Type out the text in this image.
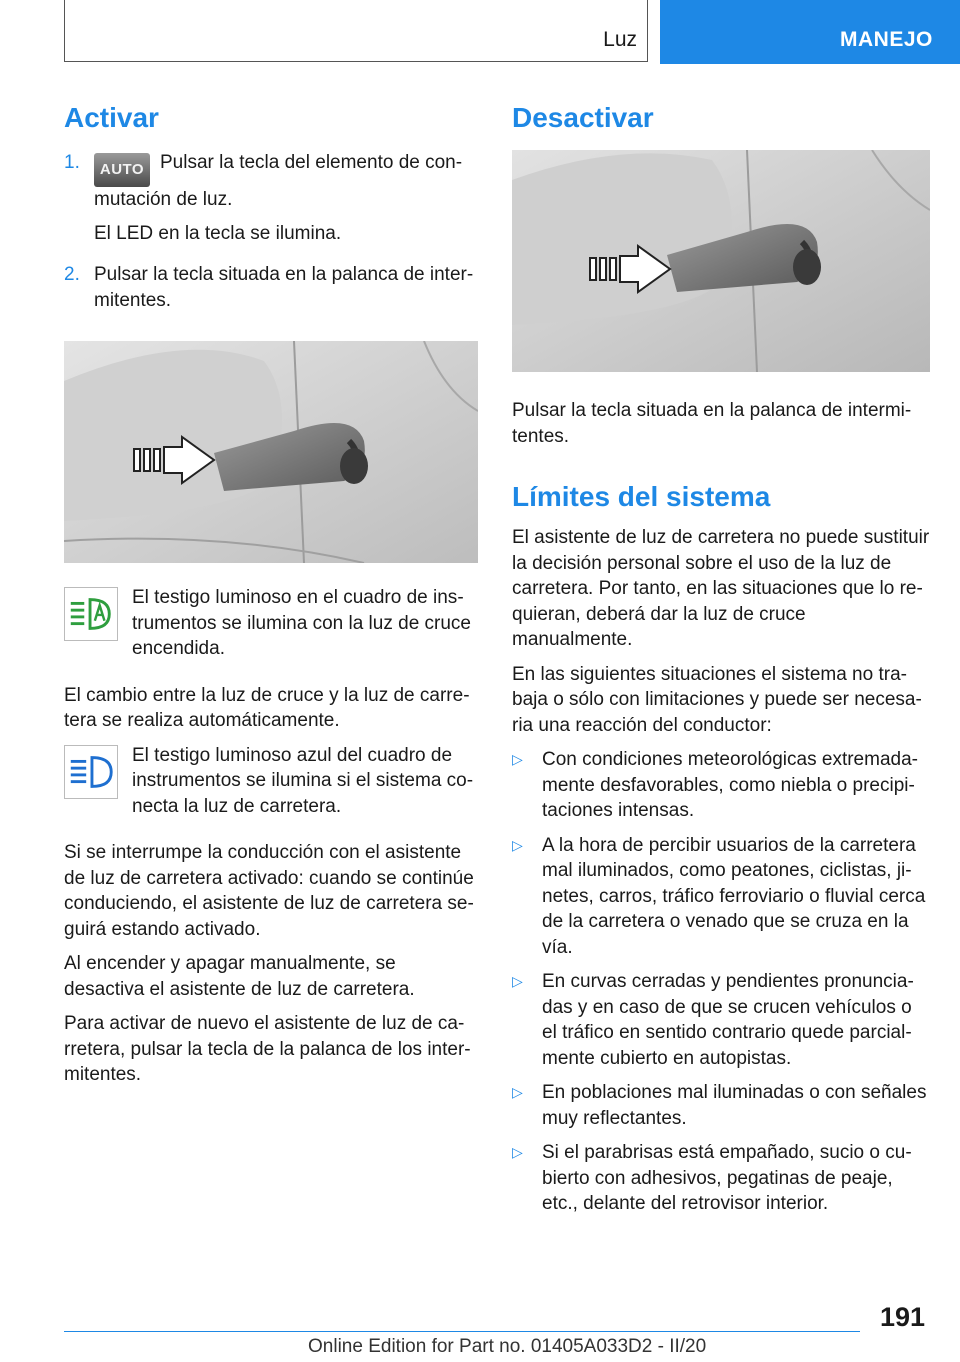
Luz	MANEJO
Activar
1.	AUTO Pulsar la tecla del elemento de conmutación de luz.

El LED en la tecla se ilumina.

2. Pulsar la tecla situada en la palanca de intermitentes.

El testigo luminoso en el cuadro de instrumentos se ilumina con la luz de cruce encendida.

El cambio entre la luz de cruce y la luz de carretera se realiza automáticamente.

El testigo luminoso azul del cuadro de instrumentos se ilumina si el sistema conecta la luz de carretera.

Si se interrumpe la conducción con el asistente de luz de carretera activado: cuando se continúe conduciendo, el asistente de luz de carretera seguirá estando activado.

Al encender y apagar manualmente, se desactiva el asistente de luz de carretera.

Para activar de nuevo el asistente de luz de carretera, pulsar la tecla de la palanca de los intermitentes.

Desactivar

Pulsar la tecla situada en la palanca de intermitentes.

Límites del sistema

El asistente de luz de carretera no puede sustituir la decisión personal sobre el uso de la luz de carretera. Por tanto, en las situaciones que lo requieran, deberá dar la luz de cruce manualmente.

En las siguientes situaciones el sistema no trabaja o sólo con limitaciones y puede ser necesaria una reacción del conductor:

▷	Con condiciones meteorológicas extremadamente desfavorables, como niebla o precipitaciones intensas.
▷	A la hora de percibir usuarios de la carretera mal iluminados, como peatones, ciclistas, jinetes, carros, tráfico ferroviario o fluvial cerca de la carretera o venado que se cruza en la vía.
▷	En curvas cerradas y pendientes pronunciadas y en caso de que se crucen vehículos o el tráfico en sentido contrario quede parcialmente cubierto en autopistas.
▷	En poblaciones mal iluminadas o con señales muy reflectantes.
▷	Si el parabrisas está empañado, sucio o cubierto con adhesivos, pegatinas de peaje, etc., delante del retrovisor interior.
191
Online Edition for Part no. 01405A033D2 - II/20
